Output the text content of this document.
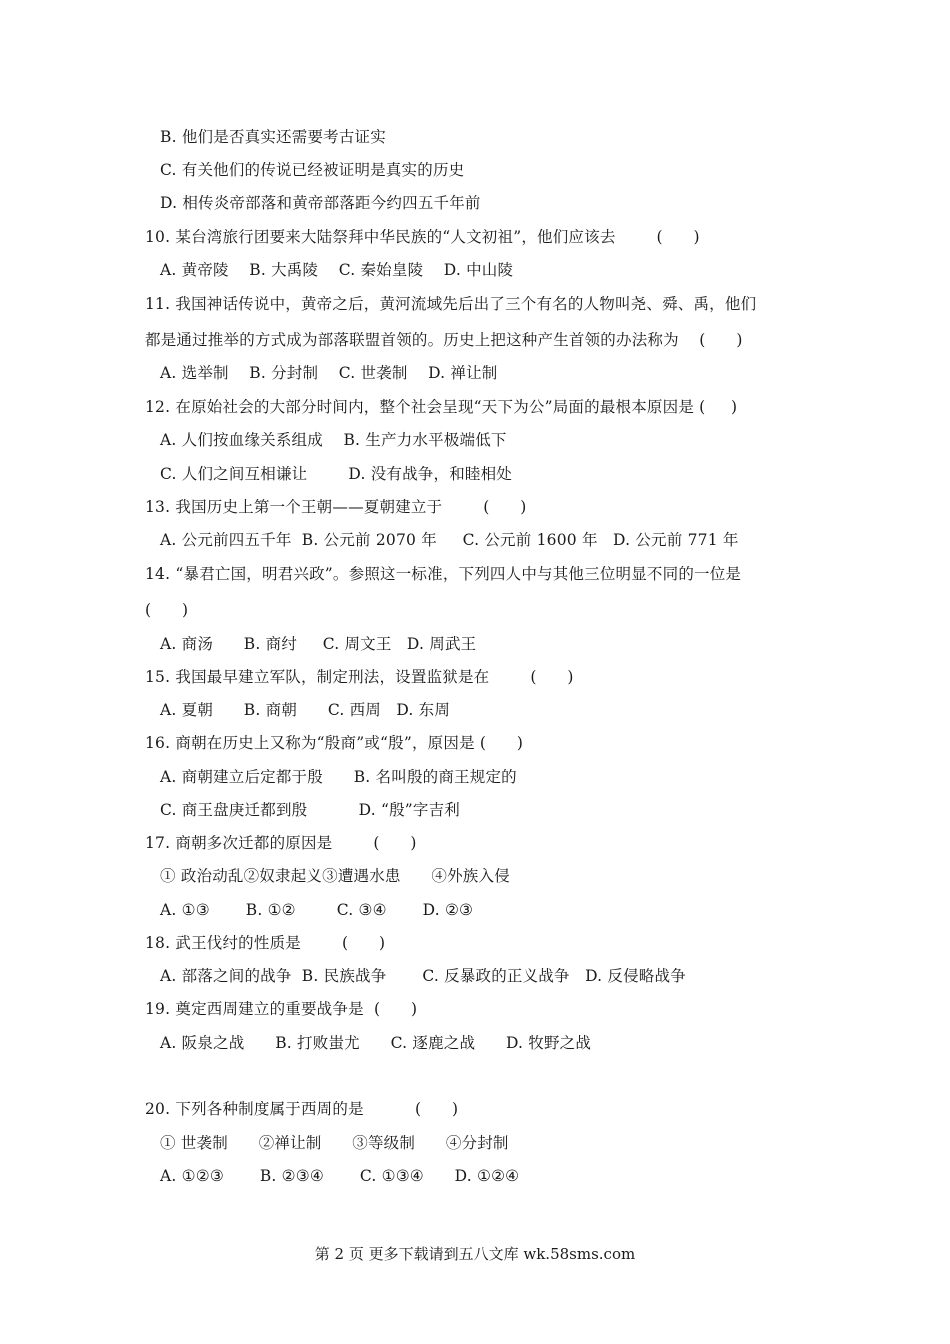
B. 他们是否真实还需要考古证实
C. 有关他们的传说已经被证明是真实的历史
D. 相传炎帝部落和黄帝部落距今约四五千年前
10. 某台湾旅行团要来大陆祭拜中华民族的“人文初祖”，他们应该去        (      )
A. 黄帝陵    B. 大禹陵    C. 秦始皇陵    D. 中山陵
11. 我国神话传说中，黄帝之后，黄河流域先后出了三个有名的人物叫尧、舜、禹，他们
都是通过推举的方式成为部落联盟首领的。历史上把这种产生首领的办法称为    (      )
A. 选举制    B. 分封制    C. 世袭制    D. 禅让制
12. 在原始社会的大部分时间内，整个社会呈现“天下为公”局面的最根本原因是 (     )
A. 人们按血缘关系组成    B. 生产力水平极端低下
C. 人们之间互相谦让        D. 没有战争，和睦相处
13. 我国历史上第一个王朝——夏朝建立于        (      )
A. 公元前四五千年  B. 公元前 2070 年     C. 公元前 1600 年   D. 公元前 771 年
14. “暴君亡国，明君兴政”。参照这一标准，下列四人中与其他三位明显不同的一位是
(      )
A. 商汤      B. 商纣     C. 周文王   D. 周武王
15. 我国最早建立军队，制定刑法，设置监狱是在        (      )
A. 夏朝      B. 商朝      C. 西周   D. 东周
16. 商朝在历史上又称为“殷商”或“殷”，原因是 (      )
A. 商朝建立后定都于殷      B. 名叫殷的商王规定的
C. 商王盘庚迁都到殷          D. “殷”字吉利
17. 商朝多次迁都的原因是        (      )
① 政治动乱②奴隶起义③遭遇水患      ④外族入侵
A. ①③       B. ①②        C. ③④       D. ②③
18. 武王伐纣的性质是        (      )
A. 部落之间的战争  B. 民族战争       C. 反暴政的正义战争   D. 反侵略战争
19. 奠定西周建立的重要战争是  (      )
A. 阪泉之战      B. 打败蚩尤      C. 逐鹿之战      D. 牧野之战
20. 下列各种制度属于西周的是          (      )
① 世袭制      ②禅让制      ③等级制      ④分封制
A. ①②③       B. ②③④       C. ①③④      D. ①②④
第 2 页 更多下载请到五八文库 wk.58sms.com
